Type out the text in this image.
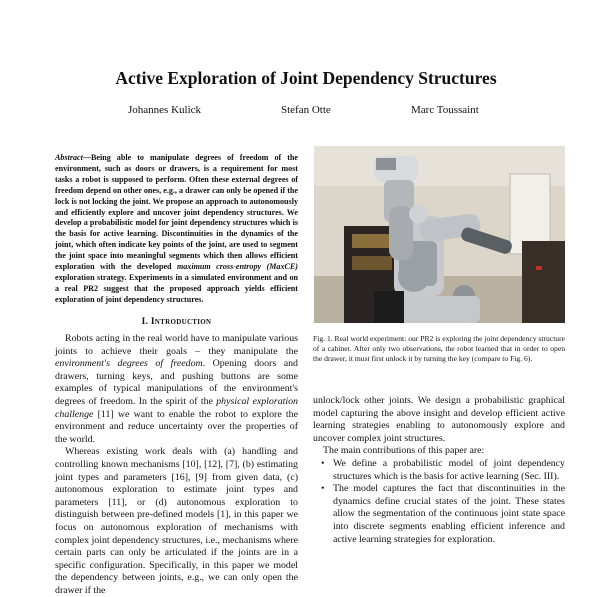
Active Exploration of Joint Dependency Structures
Johannes Kulick	Stefan Otte	Marc Toussaint

Abstract—Being able to manipulate degrees of freedom of the environment, such as doors or drawers, is a requirement for most tasks a robot is supposed to perform. Often these external degrees of freedom depend on other ones, e.g., a drawer can only be opened if the lock is not locking the joint. We propose an approach to autonomously and efficiently explore and uncover joint dependency structures. We develop a probabilistic model for joint dependency structures which is the basis for active learning. Discontinuities in the dynamics of the joint, which often indicate key points of the joint, are used to segment the joint space into meaningful segments which then allows efficient exploration with the developed maximum cross-entropy (MaxCE) exploration strategy. Experiments in a simulated environment and on a real PR2 suggest that the proposed approach yields efficient exploration of joint dependency structures.

I. Introduction

Robots acting in the real world have to manipulate various joints to achieve their goals – they manipulate the environment's degrees of freedom. Opening doors and drawers, turning keys, and pushing buttons are some examples of typical manipulations of the environment's degrees of freedom. In the spirit of the physical exploration challenge [11] we want to enable the robot to explore the environment and reduce uncertainty over the properties of the world.

Whereas existing work deals with (a) handling and controlling known mechanisms [10], [12], [7], (b) estimating joint types and parameters [16], [9] from given data, (c) autonomous exploration to estimate joint types and parameters [11], or (d) autonomous exploration to distinguish between pre-defined models [1], in this paper we focus on autonomous exploration of mechanisms with complex joint dependency structures, i.e., mechanisms where certain parts can only be articulated if the joints are in a specific configuration. Specifically, in this paper we model the dependency between joints, e.g., we can only open the drawer if the

Fig. 1. Real world experiment: our PR2 is exploring the joint dependency structure of a cabinet. After only two observations, the robot learned that in order to open the drawer, it must first unlock it by turning the key (compare to Fig. 6).

unlock/lock other joints. We design a probabilistic graphical model capturing the above insight and develop efficient active learning strategies enabling to autonomously explore and uncover complex joint structures.

The main contributions of this paper are:

• We define a probabilistic model of joint dependency structures which is the basis for active learning (Sec. III).
• The model captures the fact that discontinuities in the dynamics define crucial states of the joint. These states allow the segmentation of the continuous joint state space into discrete segments enabling efficient inference and active learning strategies for exploration.
